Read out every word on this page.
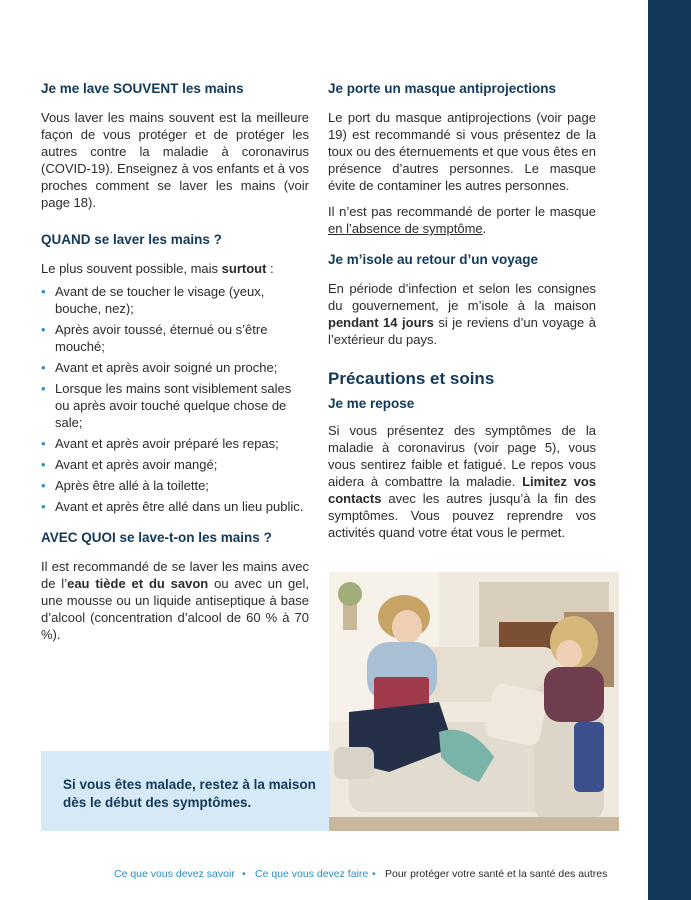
Je me lave SOUVENT les mains

Vous laver les mains souvent est la meilleure façon de vous protéger et de protéger les autres contre la maladie à coronavirus (COVID-19). Enseignez à vos enfants et à vos proches comment se laver les mains (voir page 18).

QUAND se laver les mains ?

Le plus souvent possible, mais surtout :

• Avant de se toucher le visage (yeux, bouche, nez);
• Après avoir toussé, éternué ou s’être mouché;
• Avant et après avoir soigné un proche;
• Lorsque les mains sont visiblement sales ou après avoir touché quelque chose de sale;
• Avant et après avoir préparé les repas;
• Avant et après avoir mangé;
• Après être allé à la toilette;
• Avant et après être allé dans un lieu public.
AVEC QUOI se lave-t-on les mains ?

Il est recommandé de se laver les mains avec de l’eau tiède et du savon ou avec un gel, une mousse ou un liquide antiseptique à base d’alcool (concentration d’alcool de 60 % à 70 %).

Je porte un masque antiprojections

Le port du masque antiprojections (voir page 19) est recommandé si vous présentez de la toux ou des éternuements et que vous êtes en présence d’autres personnes. Le masque évite de contaminer les autres personnes.

Il n’est pas recommandé de porter le masque en l’absence de symptôme.

Je m’isole au retour d’un voyage

En période d’infection et selon les consignes du gouvernement, je m’isole à la maison pendant 14 jours si je reviens d’un voyage à l’extérieur du pays.

Précautions et soins
Je me repose

Si vous présentez des symptômes de la maladie à coronavirus (voir page 5), vous vous sentirez faible et fatigué. Le repos vous aidera à combattre la maladie. Limitez vos contacts avec les autres jusqu’à la fin des symptômes. Vous pouvez reprendre vos activités quand votre état vous le permet.

Si vous êtes malade, restez à la maison dès le début des symptômes.
Ce que vous devez savoir • Ce que vous devez faire • Pour protéger votre santé et la santé des autres 7
